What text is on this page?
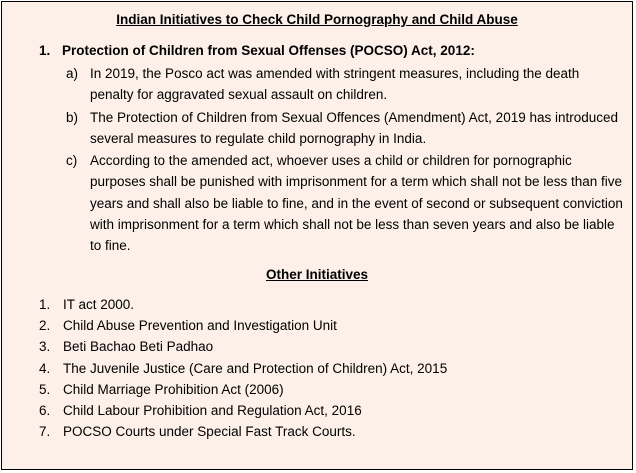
Indian Initiatives to Check Child Pornography and Child Abuse
1. Protection of Children from Sexual Offenses (POCSO) Act, 2012:
a) In 2019, the Posco act was amended with stringent measures, including the death penalty for aggravated sexual assault on children.
b) The Protection of Children from Sexual Offences (Amendment) Act, 2019 has introduced several measures to regulate child pornography in India.
c) According to the amended act, whoever uses a child or children for pornographic purposes shall be punished with imprisonment for a term which shall not be less than five years and shall also be liable to fine, and in the event of second or subsequent conviction with imprisonment for a term which shall not be less than seven years and also be liable to fine.
Other Initiatives
1. IT act 2000.
2. Child Abuse Prevention and Investigation Unit
3. Beti Bachao Beti Padhao
4. The Juvenile Justice (Care and Protection of Children) Act, 2015
5. Child Marriage Prohibition Act (2006)
6. Child Labour Prohibition and Regulation Act, 2016
7. POCSO Courts under Special Fast Track Courts.
